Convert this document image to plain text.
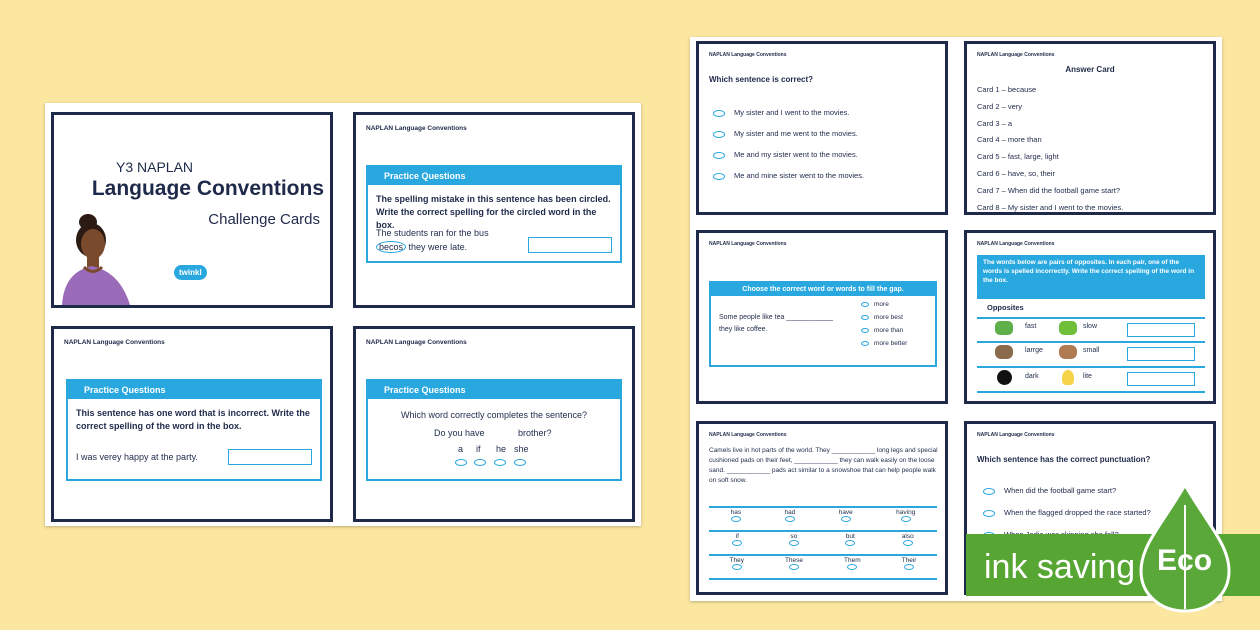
Y3 NAPLAN
Language Conventions
Challenge Cards
twinkl
NAPLAN Language Conventions
Practice Questions
The spelling mistake in this sentence has been circled. Write the correct spelling for the circled word in the box.
The students ran for the bus
becos they were late.
NAPLAN Language Conventions
Practice Questions
This sentence has one word that is incorrect. Write the correct spelling of the word in the box.
I was verey happy at the party.
NAPLAN Language Conventions
Practice Questions
Which word correctly completes the sentence?
Do you have	brother?
a if he she
NAPLAN Language Conventions
Which sentence is correct?
My sister and I went to the movies.
My sister and me went to the movies.
Me and my sister went to the movies.
Me and mine sister went to the movies.
NAPLAN Language Conventions
Answer Card
Card 1 – because
Card 2 – very
Card 3 – a
Card 4 – more than
Card 5 – fast, large, light
Card 6 – have, so, their
Card 7 – When did the football game start?
Card 8 – My sister and I went to the movies.
NAPLAN Language Conventions
Choose the correct word or words to fill the gap.
Some people like tea ____________
they like coffee.
more
more best
more than
more better
NAPLAN Language Conventions
The words below are pairs of opposites. In each pair, one of the words is spelled incorrectly. Write the correct spelling of the word in the box.
Opposites
fast	slow
larrge	small
dark	lite
NAPLAN Language Conventions
Camels live in hot parts of the world. They ____________ long legs and special cushioned pads on their feet, ____________ they can walk easily on the loose sand. ____________ pads act similar to a snowshoe that can help people walk on soft snow.
has	had	have	having
if	so	but	also
They	These	Them	Their
NAPLAN Language Conventions
Which sentence has the correct punctuation?
When did the football game start?
When the flagged dropped the race started?
ink saving Eco
